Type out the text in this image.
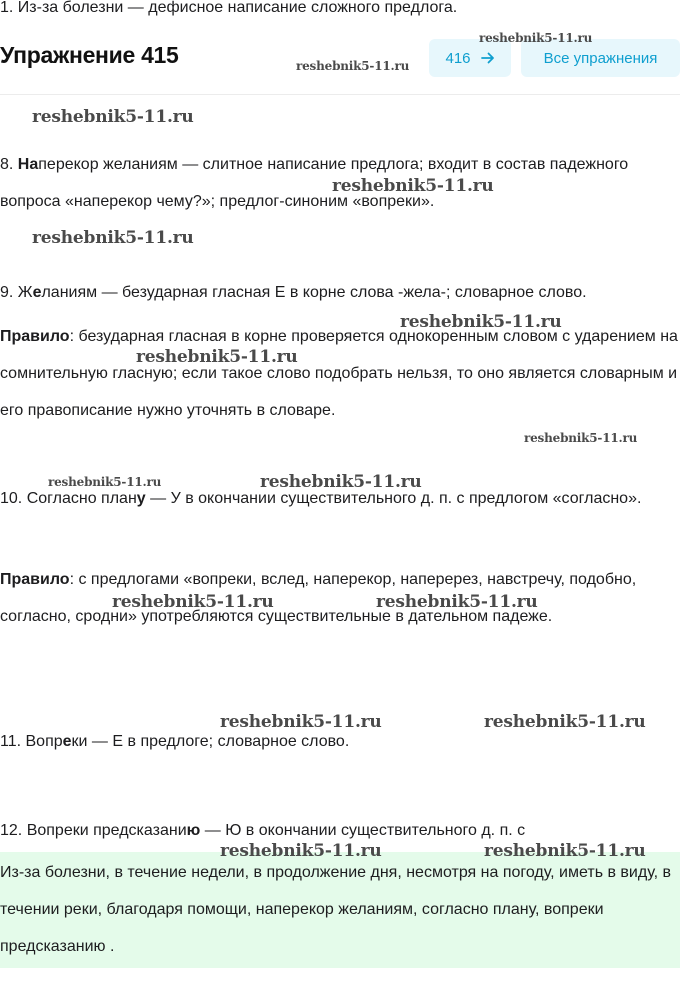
1. Из-за болезни — дефисное написание сложного предлога.

Упражнение 415	416	Все упражнения

8. Наперекор желаниям — слитное написание предлога; входит в состав падежного вопроса «наперекор чему?»; предлог-синоним «вопреки».

9. Желаниям — безударная гласная Е в корне слова -жела-; словарное слово.

Правило: безударная гласная в корне проверяется однокоренным словом с ударением на сомнительную гласную; если такое слово подобрать нельзя, то оно является словарным и его правописание нужно уточнять в словаре.

10. Согласно плану — У в окончании существительного д. п. с предлогом «согласно».

Правило: с предлогами «вопреки, вслед, наперекор, наперерез, навстречу, подобно, согласно, сродни» употребляются существительные в дательном падеже.

11. Вопреки — Е в предлоге; словарное слово.

12. Вопреки предсказанию — Ю в окончании существительного д. п. с

Из-за болезни, в течение недели, в продолжение дня, несмотря на погоду, иметь в виду, в течении реки, благодаря помощи, наперекор желаниям, согласно плану, вопреки предсказанию .

reshebnik5-11.ru
reshebnik5-11.ru
reshebnik5-11.ru
reshebnik5-11.ru
reshebnik5-11.ru
reshebnik5-11.ru
reshebnik5-11.ru
reshebnik5-11.ru
reshebnik5-11.ru	reshebnik5-11.ru
reshebnik5-11.ru	reshebnik5-11.ru
reshebnik5-11.ru	reshebnik5-11.ru
reshebnik5-11.ru	reshebnik5-11.ru
